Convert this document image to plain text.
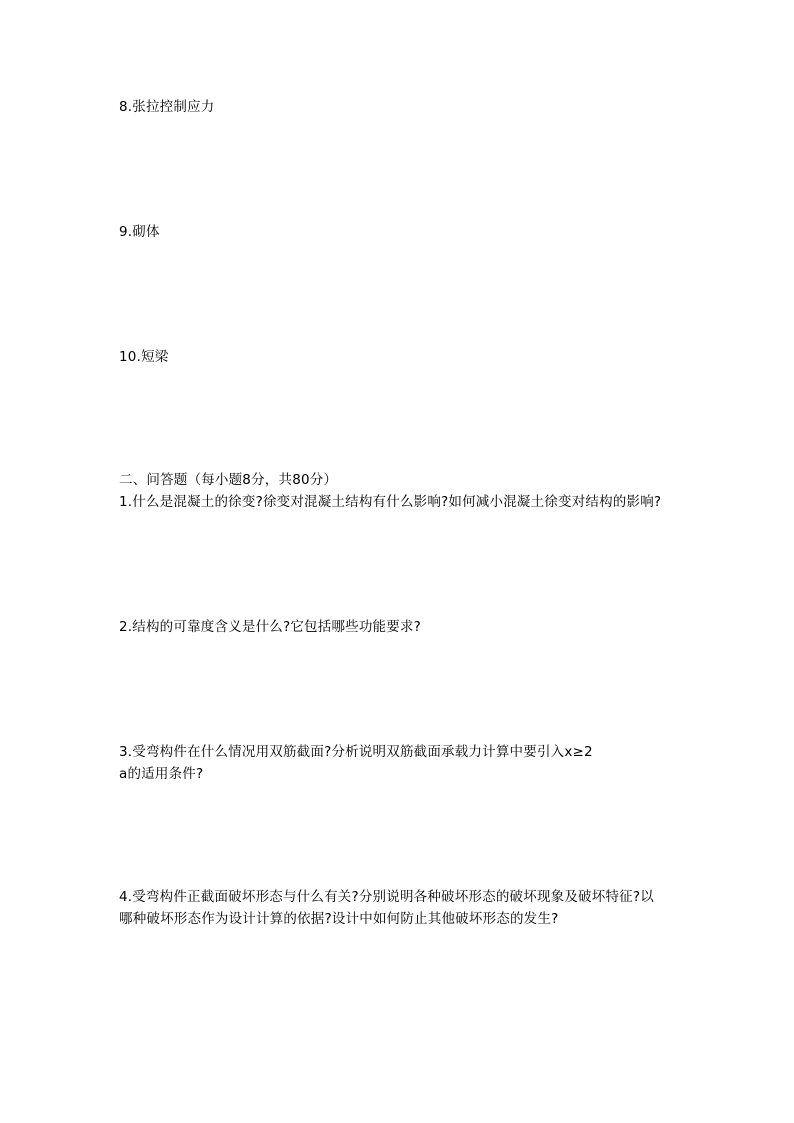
8.张拉控制应力
9.砌体
10.短梁
二、问答题（每小题8分，共80分）
1.什么是混凝土的徐变?徐变对混凝土结构有什么影响?如何减小混凝土徐变对结构的影响?
2.结构的可靠度含义是什么?它包括哪些功能要求?
3.受弯构件在什么情况用双筋截面?分析说明双筋截面承载力计算中要引入x≥2
a的适用条件?
4.受弯构件正截面破坏形态与什么有关?分别说明各种破坏形态的破坏现象及破坏特征?以
哪种破坏形态作为设计计算的依据?设计中如何防止其他破坏形态的发生?
